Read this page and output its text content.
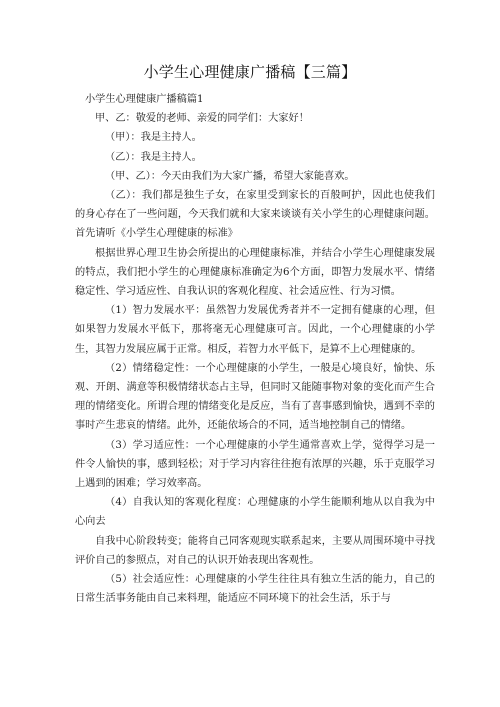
小学生心理健康广播稿【三篇】

小学生心理健康广播稿篇1

甲、乙：敬爱的老师、亲爱的同学们：大家好！

（甲）：我是主持人。

（乙）：我是主持人。

（甲、乙）：今天由我们为大家广播，希望大家能喜欢。

（乙）：我们都是独生子女，在家里受到家长的百般呵护，因此也使我们的身心存在了一些问题，今天我们就和大家来谈谈有关小学生的心理健康问题。首先请听《小学生心理健康的标准》

根据世界心理卫生协会所提出的心理健康标准，并结合小学生心理健康发展的特点，我们把小学生的心理健康标准确定为6个方面，即智力发展水平、情绪稳定性、学习适应性、自我认识的客观化程度、社会适应性、行为习惯。

（1）智力发展水平：虽然智力发展优秀者并不一定拥有健康的心理，但如果智力发展水平低下，那将毫无心理健康可言。因此，一个心理健康的小学生，其智力发展应属于正常。相反，若智力水平低下，是算不上心理健康的。

（2）情绪稳定性：一个心理健康的小学生，一般是心境良好，愉快、乐观、开朗、满意等积极情绪状态占主导，但同时又能随事物对象的变化而产生合理的情绪变化。所谓合理的情绪变化是反应，当有了喜事感到愉快，遇到不幸的事时产生悲哀的情绪。此外，还能依场合的不同，适当地控制自己的情绪。

（3）学习适应性：一个心理健康的小学生通常喜欢上学，觉得学习是一件令人愉快的事，感到轻松；对于学习内容往往抱有浓厚的兴趣，乐于克服学习上遇到的困难；学习效率高。

（4）自我认知的客观化程度：心理健康的小学生能顺利地从以自我为中心向去

自我中心阶段转变；能将自己同客观现实联系起来，主要从周围环境中寻找评价自己的参照点，对自己的认识开始表现出客观性。

（5）社会适应性：心理健康的小学生往往具有独立生活的能力，自己的日常生活事务能由自己来料理，能适应不同环境下的社会生活，乐于与
